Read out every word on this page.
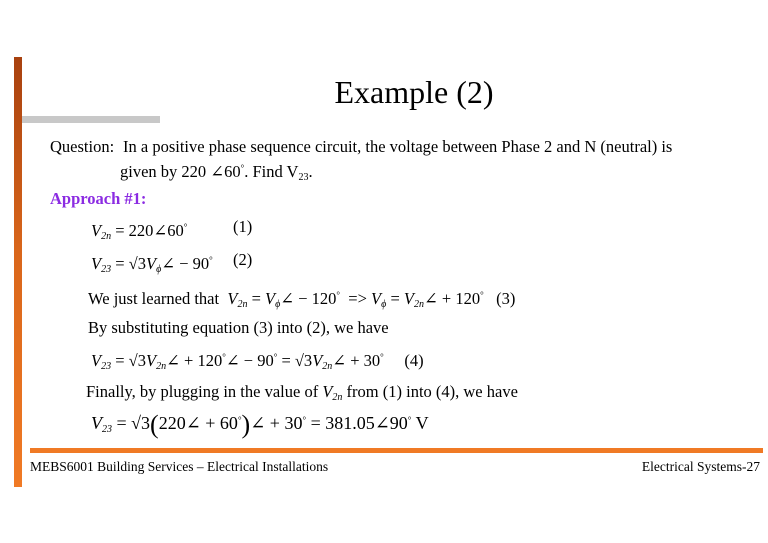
Example (2)
Question: In a positive phase sequence circuit, the voltage between Phase 2 and N (neutral) is
given by 220 ∠60°. Find $V_{23}$.
Approach #1:
$V_{2n}$ = 220∠60°	(1)
$V_{23}$ = $√3V_\phi\angle - 90^\circ$ (2)
We just learned that $V_{2n}$ = $V_\phi\angle - 120^\circ => V_\phi$ = $V_{2n}\angle + 120^\circ$ (3)
By substituting equation (3) into (2), we have
$V_{23}$ = $√3V_{2n}\angle$ + 120°∠ − $90^\circ = √3V_{2n}\angle + 30^\circ$ (4)
Finally, by plugging in the value of $V_{2n}$ from (1) into (4), we have
$V_{23}$ = √3(220∠ + 60°)∠ + 30° = 381.05∠90° V
MEBS6001 Building Services – Electrical Installations	Electrical Systems-27
